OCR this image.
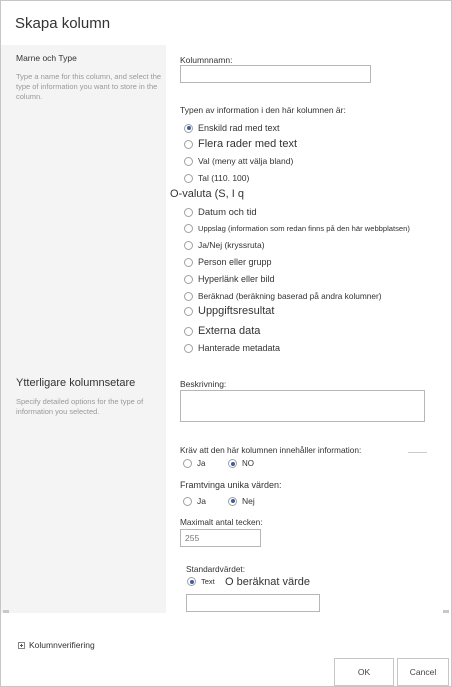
Skapa kolumn
Marne och Type
Type a name for this column, and select the type of information you want to store in the column.
Kolumnnamn:
Typen av information i den här kolumnen är:
Enskild rad med text
Flera rader med text
Val (meny att välja bland)
Tal (110. 100)
O-valuta (S, I q
Datum och tid
Uppslag (information som redan finns på den här webbplatsen)
Ja/Nej (kryssruta)
Person eller grupp
Hyperlänk eller bild
Beräknad (beräkning baserad på andra kolumner)
Uppgiftsresultat
Externa data
Hanterade metadata
Ytterligare kolumnsetare
Specify detailed options for the type of information you selected.
Beskrivning:
Kräv att den här kolumnen innehåller information:
Ja	NO
Framtvinga unika värden:
Ja	Nej
Maximalt antal tecken:
255
Standardvärdet:
Text O beräknat värde
Kolumnverifiering
OK	Cancel
